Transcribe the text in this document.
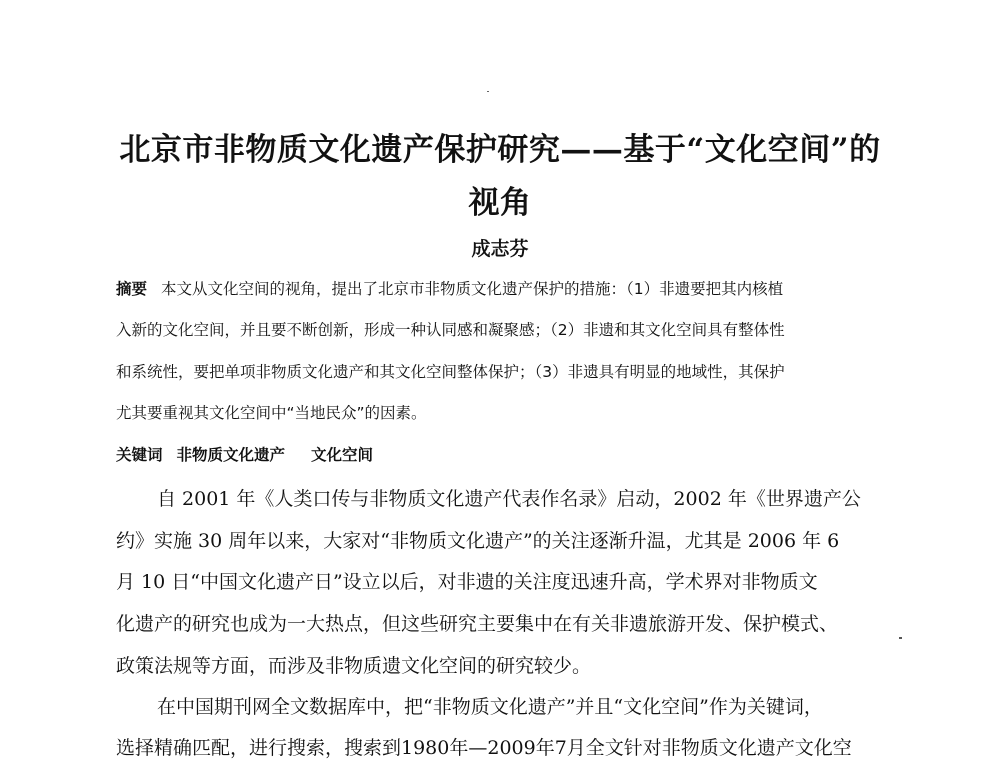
北京市非物质文化遗产保护研究——基于“文化空间”的
视角
成志芬
摘要 本文从文化空间的视角，提出了北京市非物质文化遗产保护的措施：（1）非遗要把其内核植
入新的文化空间，并且要不断创新，形成一种认同感和凝聚感；（2）非遗和其文化空间具有整体性
和系统性，要把单项非物质文化遗产和其文化空间整体保护；（3）非遗具有明显的地域性，其保护
尤其要重视其文化空间中“当地民众”的因素。
关键词 非物质文化遗产 文化空间
自 2001 年《人类口传与非物质文化遗产代表作名录》启动，2002 年《世界遗产公
约》实施 30 周年以来，大家对“非物质文化遗产”的关注逐渐升温，尤其是 2006 年 6
月 10 日“中国文化遗产日”设立以后，对非遗的关注度迅速升高，学术界对非物质文
化遗产的研究也成为一大热点，但这些研究主要集中在有关非遗旅游开发、保护模式、
政策法规等方面，而涉及非物质遗文化空间的研究较少。
在中国期刊网全文数据库中，把“非物质文化遗产”并且“文化空间”作为关键词，
选择精确匹配，进行搜索，搜索到1980年—2009年7月全文针对非物质文化遗产文化空
